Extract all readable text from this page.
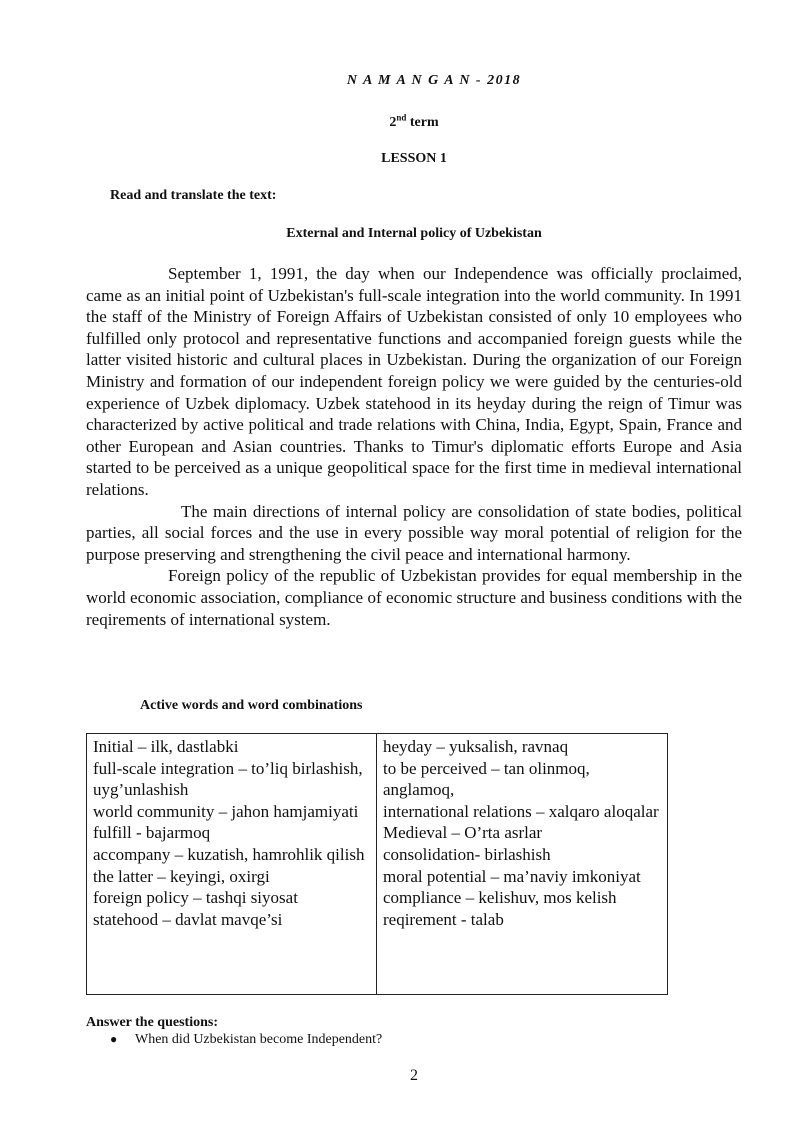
N A M A N G A N - 2018
2nd term
LESSON 1
Read and translate the text:
External and Internal policy of Uzbekistan

September 1, 1991, the day when our Independence was officially proclaimed, came as an initial point of Uzbekistan's full-scale integration into the world community. In 1991 the staff of the Ministry of Foreign Affairs of Uzbekistan consisted of only 10 employees who fulfilled only protocol and representative functions and accompanied foreign guests while the latter visited historic and cultural places in Uzbekistan. During the organization of our Foreign Ministry and formation of our independent foreign policy we were guided by the centuries-old experience of Uzbek diplomacy. Uzbek statehood in its heyday during the reign of Timur was characterized by active political and trade relations with China, India, Egypt, Spain, France and other European and Asian countries. Thanks to Timur's diplomatic efforts Europe and Asia started to be perceived as a unique geopolitical space for the first time in medieval international relations.

The main directions of internal policy are consolidation of state bodies, political parties, all social forces and the use in every possible way moral potential of religion for the purpose preserving and strengthening the civil peace and international harmony.

Foreign policy of the republic of Uzbekistan provides for equal membership in the world economic association, compliance of economic structure and business conditions with the reqirements of international system.

Active words and word combinations
Initial – ilk, dastlabki
full-scale integration – to’liq birlashish, uyg’unlashish
world community – jahon hamjamiyati
fulfill - bajarmoq
accompany – kuzatish, hamrohlik qilish
the latter – keyingi, oxirgi
foreign policy – tashqi siyosat
statehood – davlat mavqe’si

heyday – yuksalish, ravnaq
to be perceived – tan olinmoq, anglamoq,
international relations – xalqaro aloqalar
Medieval – O’rta asrlar
consolidation- birlashish
moral potential – ma’naviy imkoniyat
compliance – kelishuv, mos kelish
reqirement - talab
Answer the questions:
● When did Uzbekistan become Independent?
2
